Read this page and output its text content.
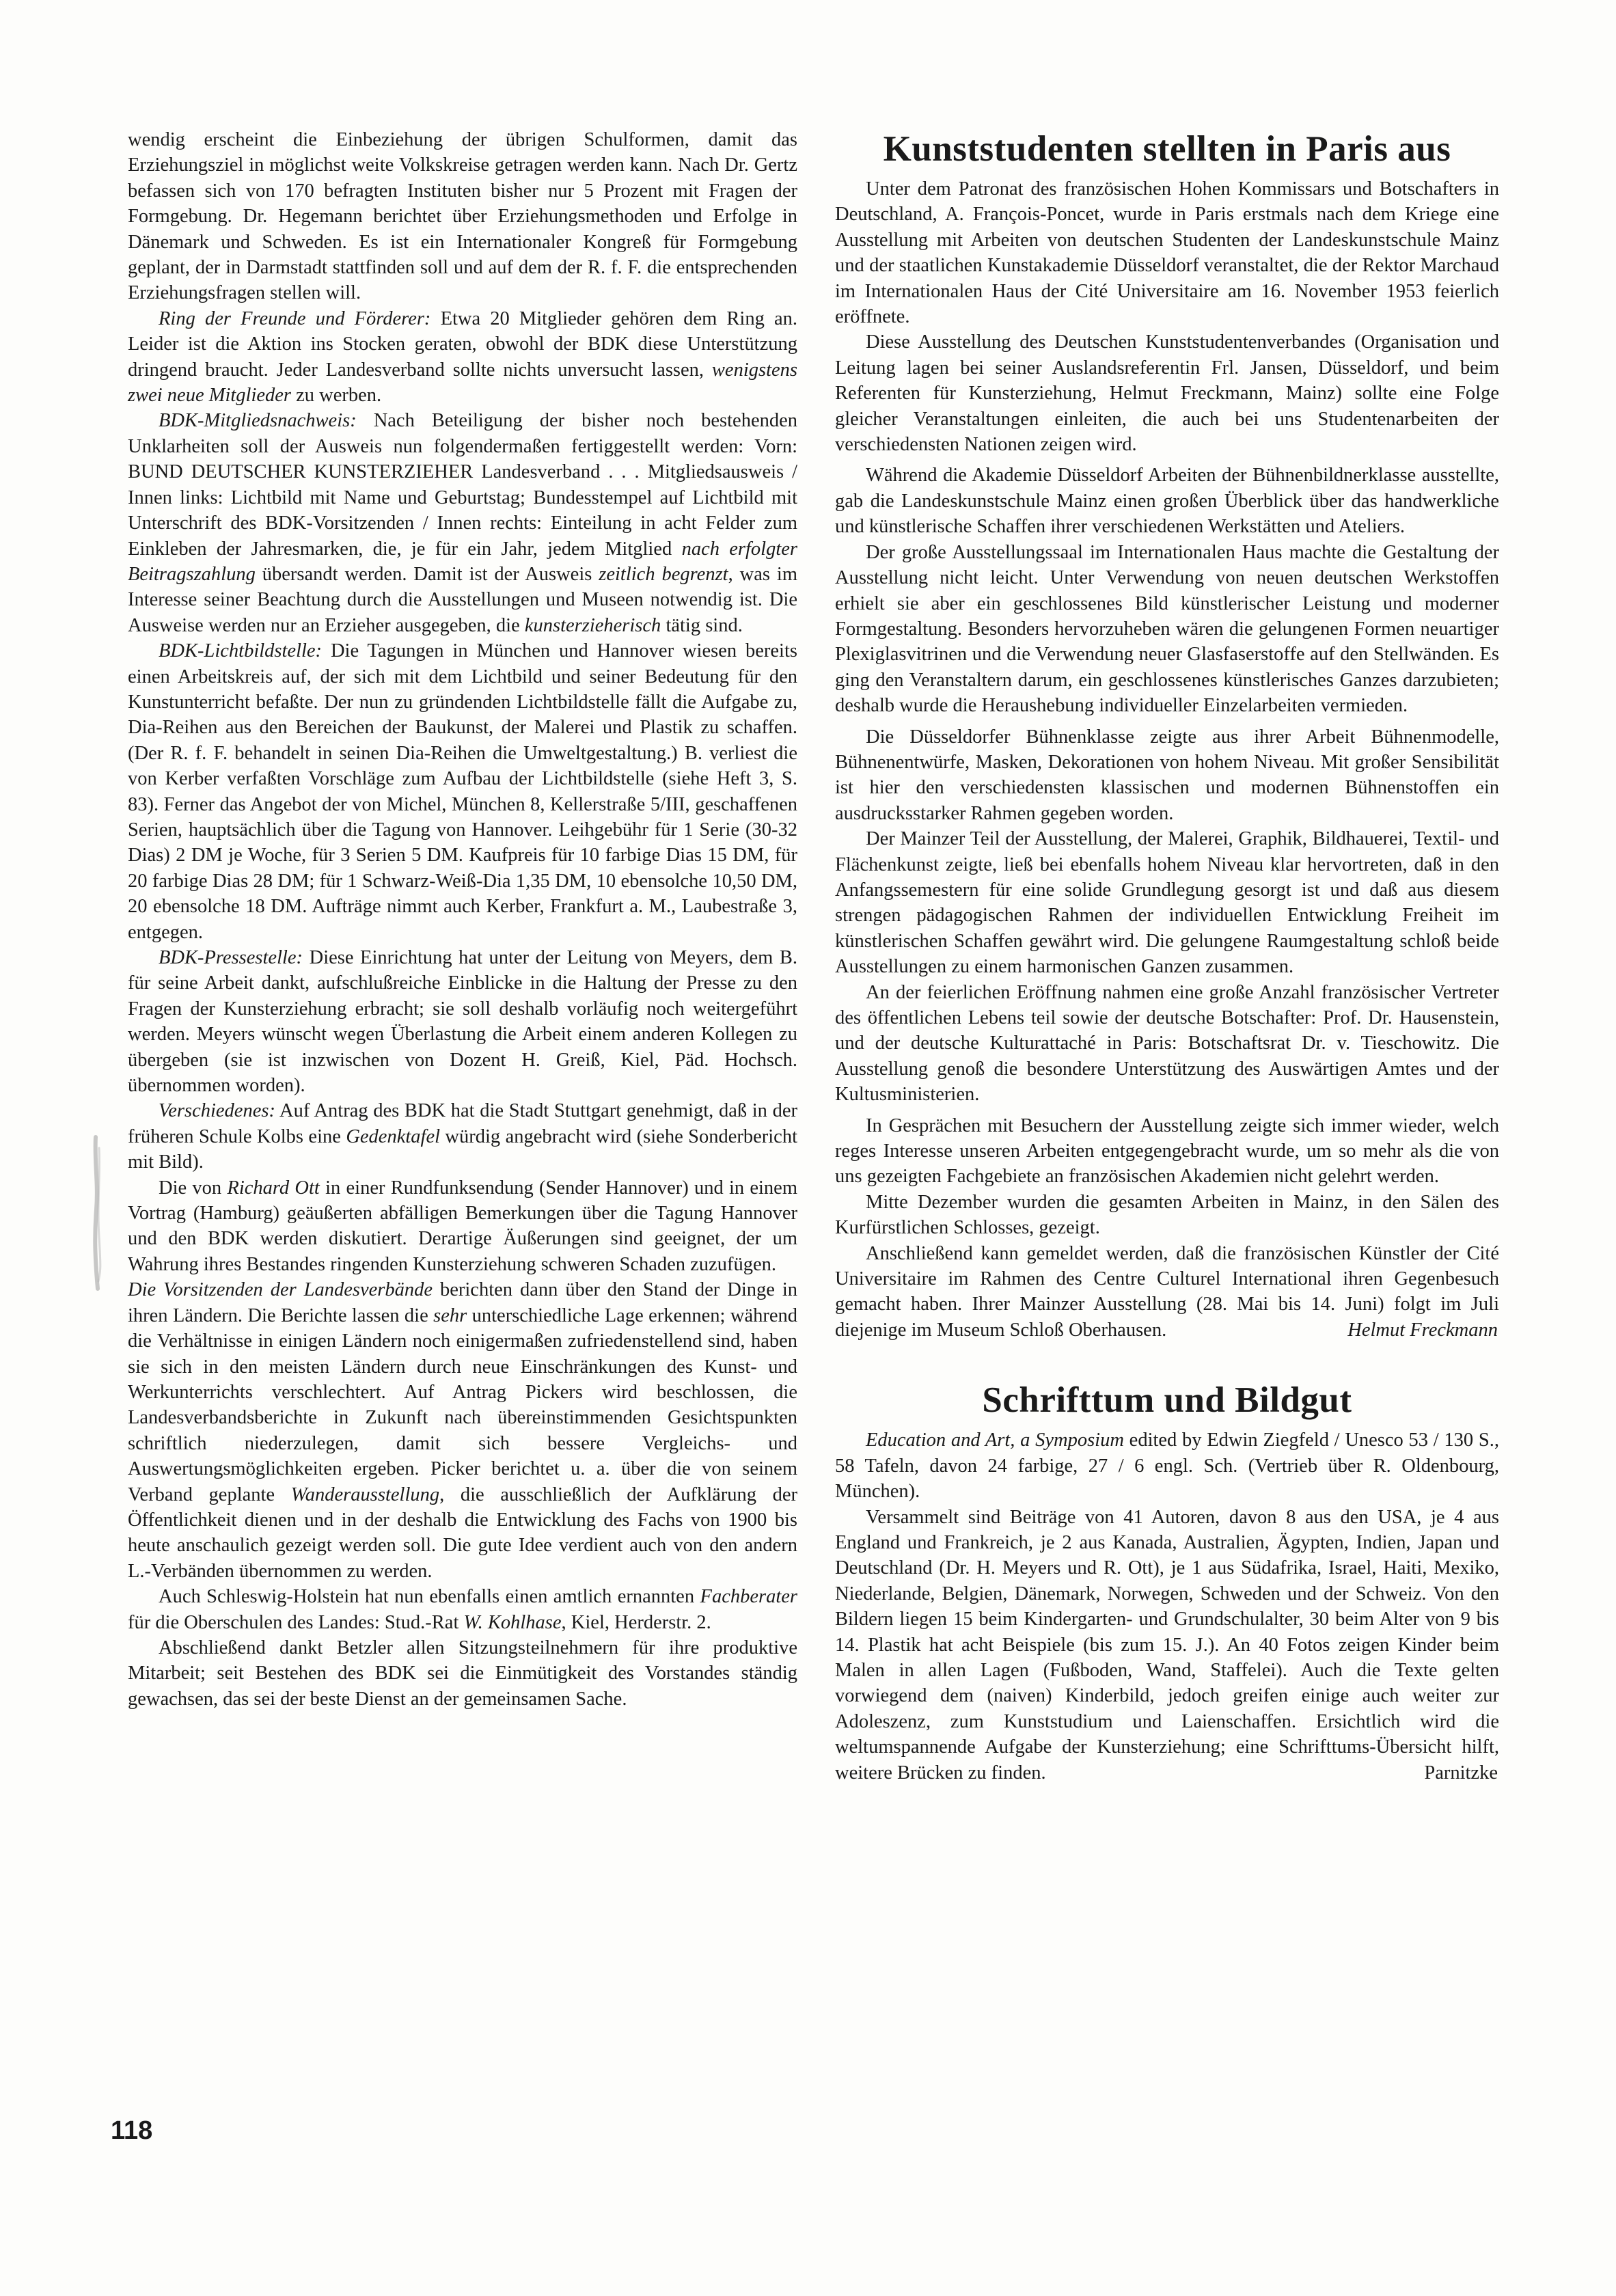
wendig erscheint die Einbeziehung der übrigen Schulformen, damit das Erziehungsziel in möglichst weite Volkskreise getragen werden kann. Nach Dr. Gertz befassen sich von 170 befragten Instituten bisher nur 5 Prozent mit Fragen der Formgebung. Dr. Hegemann berichtet über Erziehungsmethoden und Erfolge in Dänemark und Schweden. Es ist ein Internationaler Kongreß für Formgebung geplant, der in Darmstadt stattfinden soll und auf dem der R. f. F. die entsprechenden Erziehungsfragen stellen will.

Ring der Freunde und Förderer: Etwa 20 Mitglieder gehören dem Ring an. Leider ist die Aktion ins Stocken geraten, obwohl der BDK diese Unterstützung dringend braucht. Jeder Landesverband sollte nichts unversucht lassen, wenigstens zwei neue Mitglieder zu werben.

BDK-Mitgliedsnachweis: Nach Beteiligung der bisher noch bestehenden Unklarheiten soll der Ausweis nun folgendermaßen fertiggestellt werden: Vorn: BUND DEUTSCHER KUNSTERZIEHER Landesverband . . . Mitgliedsausweis / Innen links: Lichtbild mit Name und Geburtstag; Bundesstempel auf Lichtbild mit Unterschrift des BDK-Vorsitzenden / Innen rechts: Einteilung in acht Felder zum Einkleben der Jahresmarken, die, je für ein Jahr, jedem Mitglied nach erfolgter Beitragszahlung übersandt werden. Damit ist der Ausweis zeitlich begrenzt, was im Interesse seiner Beachtung durch die Ausstellungen und Museen notwendig ist. Die Ausweise werden nur an Erzieher ausgegeben, die kunsterzieherisch tätig sind.

BDK-Lichtbildstelle: Die Tagungen in München und Hannover wiesen bereits einen Arbeitskreis auf, der sich mit dem Lichtbild und seiner Bedeutung für den Kunstunterricht befaßte. Der nun zu gründenden Lichtbildstelle fällt die Aufgabe zu, Dia-Reihen aus den Bereichen der Baukunst, der Malerei und Plastik zu schaffen. (Der R. f. F. behandelt in seinen Dia-Reihen die Umweltgestaltung.) B. verliest die von Kerber verfaßten Vorschläge zum Aufbau der Lichtbildstelle (siehe Heft 3, S. 83). Ferner das Angebot der von Michel, München 8, Kellerstraße 5/III, geschaffenen Serien, hauptsächlich über die Tagung von Hannover. Leihgebühr für 1 Serie (30-32 Dias) 2 DM je Woche, für 3 Serien 5 DM. Kaufpreis für 10 farbige Dias 15 DM, für 20 farbige Dias 28 DM; für 1 Schwarz-Weiß-Dia 1,35 DM, 10 ebensolche 10,50 DM, 20 ebensolche 18 DM. Aufträge nimmt auch Kerber, Frankfurt a. M., Laubestraße 3, entgegen.

BDK-Pressestelle: Diese Einrichtung hat unter der Leitung von Meyers, dem B. für seine Arbeit dankt, aufschlußreiche Einblicke in die Haltung der Presse zu den Fragen der Kunsterziehung erbracht; sie soll deshalb vorläufig noch weitergeführt werden. Meyers wünscht wegen Überlastung die Arbeit einem anderen Kollegen zu übergeben (sie ist inzwischen von Dozent H. Greiß, Kiel, Päd. Hochsch. übernommen worden).

Verschiedenes: Auf Antrag des BDK hat die Stadt Stuttgart genehmigt, daß in der früheren Schule Kolbs eine Gedenktafel würdig angebracht wird (siehe Sonderbericht mit Bild).

Die von Richard Ott in einer Rundfunksendung (Sender Hannover) und in einem Vortrag (Hamburg) geäußerten abfälligen Bemerkungen über die Tagung Hannover und den BDK werden diskutiert. Derartige Äußerungen sind geeignet, der um Wahrung ihres Bestandes ringenden Kunsterziehung schweren Schaden zuzufügen.

Die Vorsitzenden der Landesverbände berichten dann über den Stand der Dinge in ihren Ländern. Die Berichte lassen die sehr unterschiedliche Lage erkennen; während die Verhältnisse in einigen Ländern noch einigermaßen zufriedenstellend sind, haben sie sich in den meisten Ländern durch neue Einschränkungen des Kunst- und Werkunterrichts verschlechtert. Auf Antrag Pickers wird beschlossen, die Landesverbandsberichte in Zukunft nach übereinstimmenden Gesichtspunkten schriftlich niederzulegen, damit sich bessere Vergleichs- und Auswertungsmöglichkeiten ergeben. Picker berichtet u. a. über die von seinem Verband geplante Wanderausstellung, die ausschließlich der Aufklärung der Öffentlichkeit dienen und in der deshalb die Entwicklung des Fachs von 1900 bis heute anschaulich gezeigt werden soll. Die gute Idee verdient auch von den andern L.-Verbänden übernommen zu werden.

Auch Schleswig-Holstein hat nun ebenfalls einen amtlich ernannten Fachberater für die Oberschulen des Landes: Stud.-Rat W. Kohlhase, Kiel, Herderstr. 2.

Abschließend dankt Betzler allen Sitzungsteilnehmern für ihre produktive Mitarbeit; seit Bestehen des BDK sei die Einmütigkeit des Vorstandes ständig gewachsen, das sei der beste Dienst an der gemeinsamen Sache.

Kunststudenten stellten in Paris aus

Unter dem Patronat des französischen Hohen Kommissars und Botschafters in Deutschland, A. François-Poncet, wurde in Paris erstmals nach dem Kriege eine Ausstellung mit Arbeiten von deutschen Studenten der Landeskunstschule Mainz und der staatlichen Kunstakademie Düsseldorf veranstaltet, die der Rektor Marchaud im Internationalen Haus der Cité Universitaire am 16. November 1953 feierlich eröffnete.

Diese Ausstellung des Deutschen Kunststudentenverbandes (Organisation und Leitung lagen bei seiner Auslandsreferentin Frl. Jansen, Düsseldorf, und beim Referenten für Kunsterziehung, Helmut Freckmann, Mainz) sollte eine Folge gleicher Veranstaltungen einleiten, die auch bei uns Studentenarbeiten der verschiedensten Nationen zeigen wird.

Während die Akademie Düsseldorf Arbeiten der Bühnenbildnerklasse ausstellte, gab die Landeskunstschule Mainz einen großen Überblick über das handwerkliche und künstlerische Schaffen ihrer verschiedenen Werkstätten und Ateliers.

Der große Ausstellungssaal im Internationalen Haus machte die Gestaltung der Ausstellung nicht leicht. Unter Verwendung von neuen deutschen Werkstoffen erhielt sie aber ein geschlossenes Bild künstlerischer Leistung und moderner Formgestaltung. Besonders hervorzuheben wären die gelungenen Formen neuartiger Plexiglasvitrinen und die Verwendung neuer Glasfaserstoffe auf den Stellwänden. Es ging den Veranstaltern darum, ein geschlossenes künstlerisches Ganzes darzubieten; deshalb wurde die Heraushebung individueller Einzelarbeiten vermieden.

Die Düsseldorfer Bühnenklasse zeigte aus ihrer Arbeit Bühnenmodelle, Bühnenentwürfe, Masken, Dekorationen von hohem Niveau. Mit großer Sensibilität ist hier den verschiedensten klassischen und modernen Bühnenstoffen ein ausdrucksstarker Rahmen gegeben worden.

Der Mainzer Teil der Ausstellung, der Malerei, Graphik, Bildhauerei, Textil- und Flächenkunst zeigte, ließ bei ebenfalls hohem Niveau klar hervortreten, daß in den Anfangssemestern für eine solide Grundlegung gesorgt ist und daß aus diesem strengen pädagogischen Rahmen der individuellen Entwicklung Freiheit im künstlerischen Schaffen gewährt wird. Die gelungene Raumgestaltung schloß beide Ausstellungen zu einem harmonischen Ganzen zusammen.

An der feierlichen Eröffnung nahmen eine große Anzahl französischer Vertreter des öffentlichen Lebens teil sowie der deutsche Botschafter: Prof. Dr. Hausenstein, und der deutsche Kulturattaché in Paris: Botschaftsrat Dr. v. Tieschowitz. Die Ausstellung genoß die besondere Unterstützung des Auswärtigen Amtes und der Kultusministerien.

In Gesprächen mit Besuchern der Ausstellung zeigte sich immer wieder, welch reges Interesse unseren Arbeiten entgegengebracht wurde, um so mehr als die von uns gezeigten Fachgebiete an französischen Akademien nicht gelehrt werden.

Mitte Dezember wurden die gesamten Arbeiten in Mainz, in den Sälen des Kurfürstlichen Schlosses, gezeigt.

Anschließend kann gemeldet werden, daß die französischen Künstler der Cité Universitaire im Rahmen des Centre Culturel International ihren Gegenbesuch gemacht haben. Ihrer Mainzer Ausstellung (28. Mai bis 14. Juni) folgt im Juli diejenige im Museum Schloß Oberhausen.	Helmut Freckmann

Schrifttum und Bildgut

Education and Art, a Symposium edited by Edwin Ziegfeld / Unesco 53 / 130 S., 58 Tafeln, davon 24 farbige, 27 / 6 engl. Sch. (Vertrieb über R. Oldenbourg, München).

Versammelt sind Beiträge von 41 Autoren, davon 8 aus den USA, je 4 aus England und Frankreich, je 2 aus Kanada, Australien, Ägypten, Indien, Japan und Deutschland (Dr. H. Meyers und R. Ott), je 1 aus Südafrika, Israel, Haiti, Mexiko, Niederlande, Belgien, Dänemark, Norwegen, Schweden und der Schweiz. Von den Bildern liegen 15 beim Kindergarten- und Grundschulalter, 30 beim Alter von 9 bis 14. Plastik hat acht Beispiele (bis zum 15. J.). An 40 Fotos zeigen Kinder beim Malen in allen Lagen (Fußboden, Wand, Staffelei). Auch die Texte gelten vorwiegend dem (naiven) Kinderbild, jedoch greifen einige auch weiter zur Adoleszenz, zum Kunststudium und Laienschaffen. Ersichtlich wird die weltumspannende Aufgabe der Kunsterziehung; eine Schrifttums-Übersicht hilft, weitere Brücken zu finden.	Parnitzke

118
